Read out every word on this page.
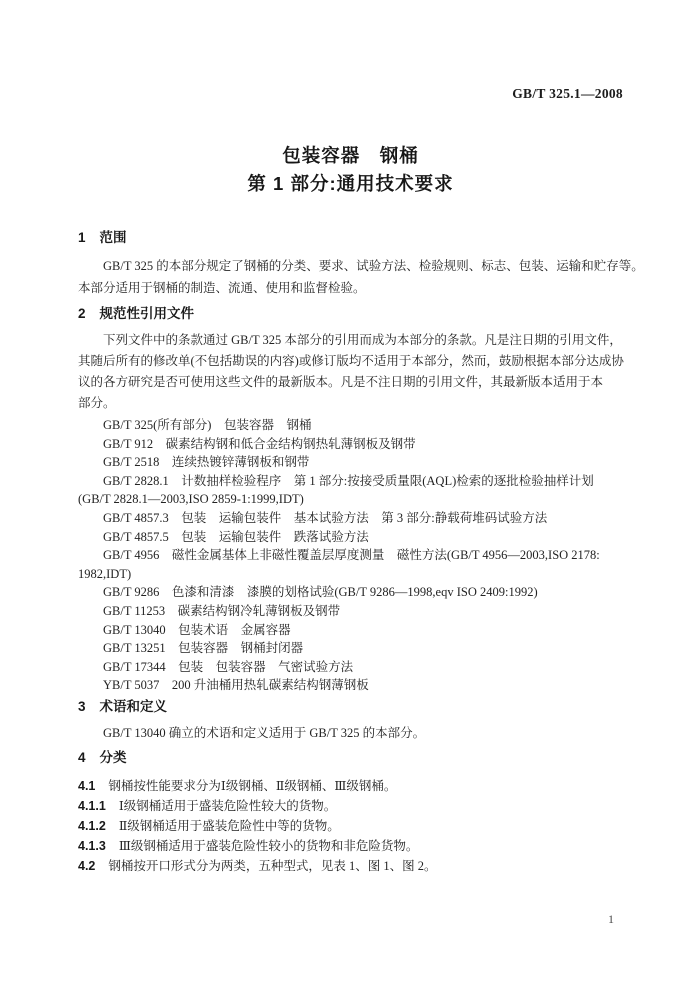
GB/T 325.1—2008
包装容器　钢桶
第 1 部分:通用技术要求
1 范围
GB/T 325 的本部分规定了钢桶的分类、要求、试验方法、检验规则、标志、包装、运输和贮存等。
本部分适用于钢桶的制造、流通、使用和监督检验。
2 规范性引用文件
下列文件中的条款通过 GB/T 325 本部分的引用而成为本部分的条款。凡是注日期的引用文件，
其随后所有的修改单(不包括勘误的内容)或修订版均不适用于本部分，然而，鼓励根据本部分达成协
议的各方研究是否可使用这些文件的最新版本。凡是不注日期的引用文件，其最新版本适用于本
部分。
GB/T 325(所有部分)　包装容器　钢桶
GB/T 912　碳素结构钢和低合金结构钢热轧薄钢板及钢带
GB/T 2518　连续热镀锌薄钢板和钢带
GB/T 2828.1　计数抽样检验程序　第 1 部分:按接受质量限(AQL)检索的逐批检验抽样计划
(GB/T 2828.1—2003,ISO 2859-1:1999,IDT)
GB/T 4857.3　包装　运输包装件　基本试验方法　第 3 部分:静载荷堆码试验方法
GB/T 4857.5　包装　运输包装件　跌落试验方法
GB/T 4956　磁性金属基体上非磁性覆盖层厚度测量　磁性方法(GB/T 4956—2003,ISO 2178:
1982,IDT)
GB/T 9286　色漆和清漆　漆膜的划格试验(GB/T 9286—1998,eqv ISO 2409:1992)
GB/T 11253　碳素结构钢冷轧薄钢板及钢带
GB/T 13040　包装术语　金属容器
GB/T 13251　包装容器　钢桶封闭器
GB/T 17344　包装　包装容器　气密试验方法
YB/T 5037　200 升油桶用热轧碳素结构钢薄钢板
3 术语和定义
GB/T 13040 确立的术语和定义适用于 GB/T 325 的本部分。
4 分类
4.1 钢桶按性能要求分为Ⅰ级钢桶、Ⅱ级钢桶、Ⅲ级钢桶。
4.1.1 Ⅰ级钢桶适用于盛装危险性较大的货物。
4.1.2 Ⅱ级钢桶适用于盛装危险性中等的货物。
4.1.3 Ⅲ级钢桶适用于盛装危险性较小的货物和非危险货物。
4.2 钢桶按开口形式分为两类，五种型式，见表 1、图 1、图 2。
1
